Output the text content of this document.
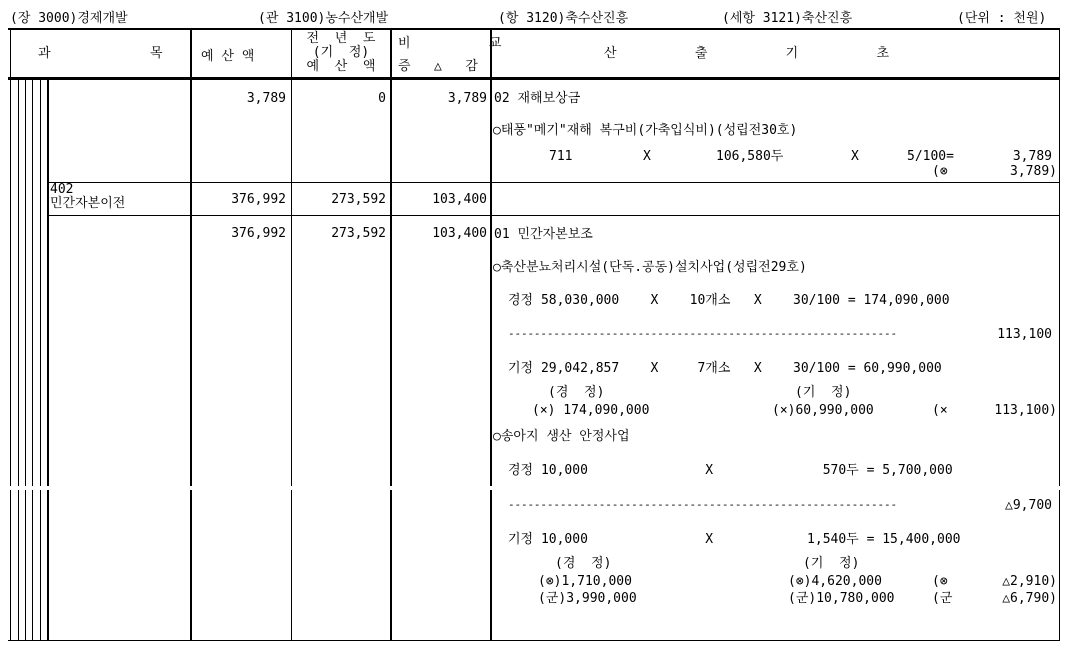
(장 3000)경제개발	(관 3100)농수산개발	(항 3120)축수산진흥	(세항 3121)축산진흥	(단위 : 천원)
과	목	예 산 액
전  년  도
(기  정)
예  산  액
비          교
증   △   감
산          출          기          초
3,789	0	3,789 02 재해보상금
○태풍"메기"재해 복구비(가축입식비)(성립전30호)
711	X	106,580두	X	5/100=	3,789
(⊗	3,789)
402
민간자본이전	376,992	273,592	103,400
376,992	273,592	103,400 01 민간자본보조
○축산분뇨처리시설(단독.공동)설치사업(성립전29호)
경정 58,030,000    X    10개소   X    30/100 = 174,090,000
------------------------------------------------------------	113,100
기정 29,042,857    X     7개소   X    30/100 = 60,990,000
(경  정)	(기  정)
(×) 174,090,000	(×)60,990,000	(×	113,100)
○송아지 생산 안정사업
경정 10,000               X              570두 = 5,700,000
------------------------------------------------------------	△9,700
기정 10,000               X            1,540두 = 15,400,000
(경  정)	(기  정)
(⊗)1,710,000	(⊗)4,620,000	(⊗	△2,910)
(군)3,990,000	(군)10,780,000	(군	△6,790)
